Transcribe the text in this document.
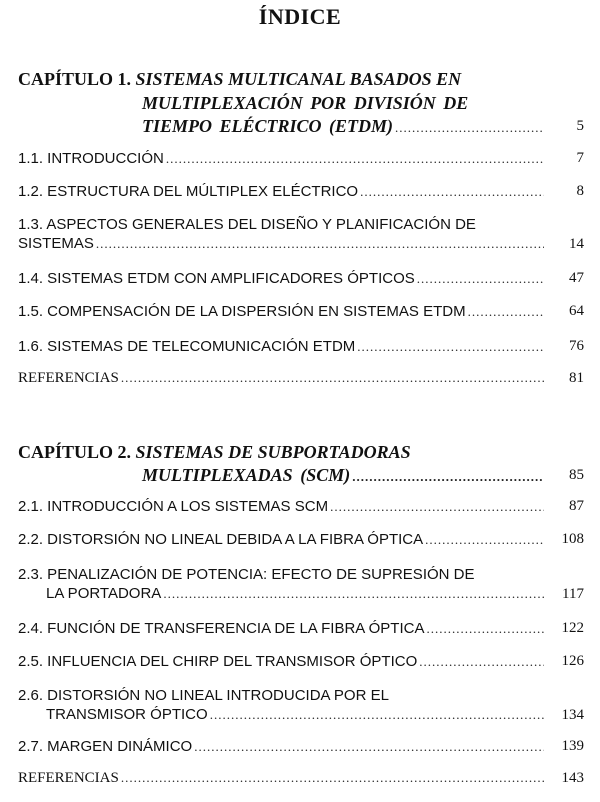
ÍNDICE
CAPÍTULO 1. SISTEMAS MULTICANAL BASADOS EN
MULTIPLEXACIÓN POR DIVISIÓN DE
TIEMPO ELÉCTRICO (ETDM) .....	5
1.1. INTRODUCCIÓN .....	7
1.2. ESTRUCTURA DEL MÚLTIPLEX ELÉCTRICO .....	8
1.3. ASPECTOS GENERALES DEL DISEÑO Y PLANIFICACIÓN DE
SISTEMAS .....	14
1.4. SISTEMAS ETDM CON AMPLIFICADORES ÓPTICOS .....	47
1.5. COMPENSACIÓN DE LA DISPERSIÓN EN SISTEMAS ETDM .....	64
1.6. SISTEMAS DE TELECOMUNICACIÓN ETDM .....	76
REFERENCIAS .....	81
CAPÍTULO 2. SISTEMAS DE SUBPORTADORAS
MULTIPLEXADAS (SCM) .....	85
2.1. INTRODUCCIÓN A LOS SISTEMAS SCM .....	87
2.2. DISTORSIÓN NO LINEAL DEBIDA A LA FIBRA ÓPTICA .....	108
2.3. PENALIZACIÓN DE POTENCIA: EFECTO DE SUPRESIÓN DE
LA PORTADORA .....	117
2.4. FUNCIÓN DE TRANSFERENCIA DE LA FIBRA ÓPTICA .....	122
2.5. INFLUENCIA DEL CHIRP DEL TRANSMISOR ÓPTICO .....	126
2.6. DISTORSIÓN NO LINEAL INTRODUCIDA POR EL
TRANSMISOR ÓPTICO .....	134
2.7. MARGEN DINÁMICO .....	139
REFERENCIAS .....	143
